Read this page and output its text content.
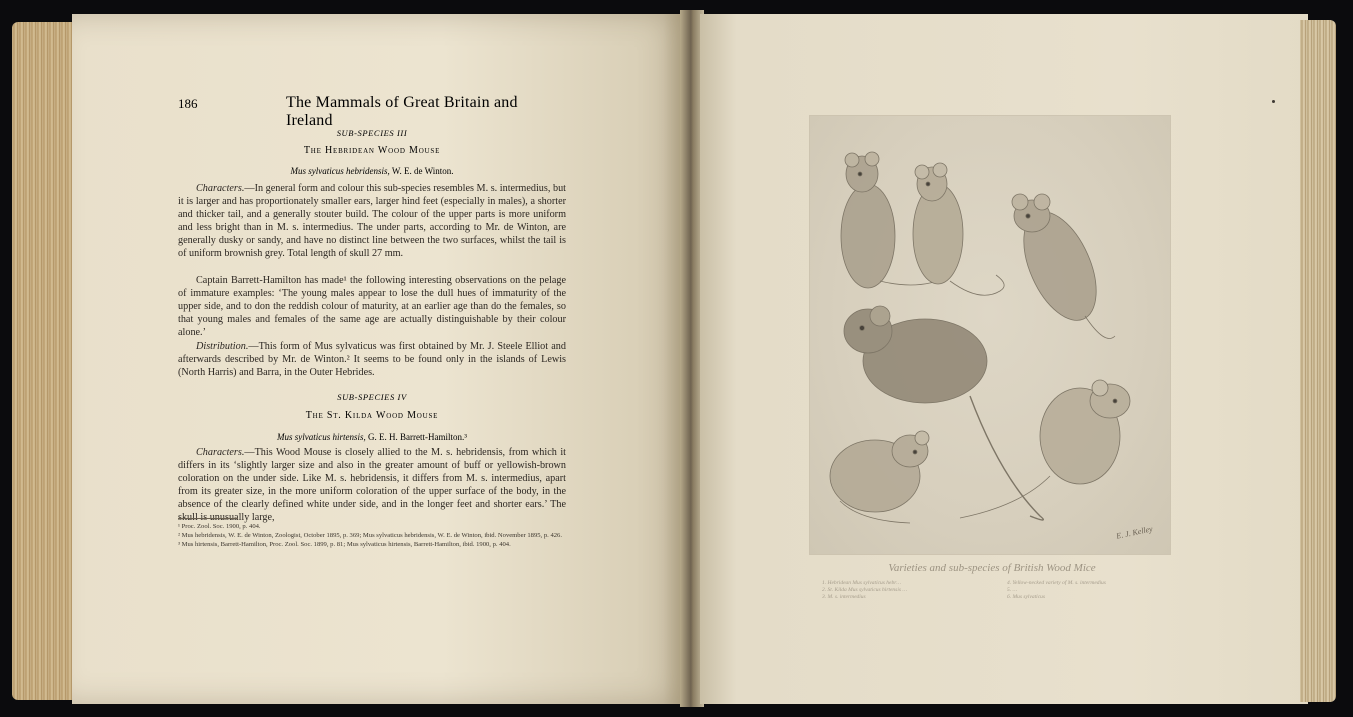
186	The Mammals of Great Britain and Ireland
SUB-SPECIES III
The Hebridean Wood Mouse
Mus sylvaticus hebridensis, W. E. de Winton.

Characters.—In general form and colour this sub-species resembles M. s. intermedius, but it is larger and has proportionately smaller ears, larger hind feet (especially in males), a shorter and thicker tail, and a generally stouter build. The colour of the upper parts is more uniform and less bright than in M. s. intermedius. The under parts, according to Mr. de Winton, are generally dusky or sandy, and have no distinct line between the two surfaces, whilst the tail is of uniform brownish grey. Total length of skull 27 mm.

Captain Barrett-Hamilton has made¹ the following interesting observations on the pelage of immature examples: ‘The young males appear to lose the dull hues of immaturity of the upper side, and to don the reddish colour of maturity, at an earlier age than do the females, so that young males and females of the same age are actually distinguishable by their colour alone.’

Distribution.—This form of Mus sylvaticus was first obtained by Mr. J. Steele Elliot and afterwards described by Mr. de Winton.² It seems to be found only in the islands of Lewis (North Harris) and Barra, in the Outer Hebrides.

SUB-SPECIES IV
The St. Kilda Wood Mouse
Mus sylvaticus hirtensis, G. E. H. Barrett-Hamilton.³

Characters.—This Wood Mouse is closely allied to the M. s. hebridensis, from which it differs in its ‘slightly larger size and also in the greater amount of buff or yellowish-brown coloration on the under side. Like M. s. hebridensis, it differs from M. s. intermedius, apart from its greater size, in the more uniform coloration of the upper surface of the body, in the absence of the clearly defined white under side, and in the longer feet and shorter ears.’ The skull is unusually large,

¹ Proc. Zool. Soc. 1900, p. 404.

² Mus hebridensis, W. E. de Winton, Zoologist, October 1895, p. 369; Mus sylvaticus hebridensis, W. E. de Winton, ibid. November 1895, p. 426.

³ Mus hirtensis, Barrett-Hamilton, Proc. Zool. Soc. 1899, p. 81; Mus sylvaticus hirtensis, Barrett-Hamilton, ibid. 1900, p. 404.

E. J. Kelley
Varieties and sub-species of British Wood Mice
1. Hebridean Mus sylvaticus hebr…
2. St. Kilda Mus sylvaticus hirtensis …
3. M. s. intermedius
4. Yellow-necked variety of M. s. intermedius
5. …
6. Mus sylvaticus
